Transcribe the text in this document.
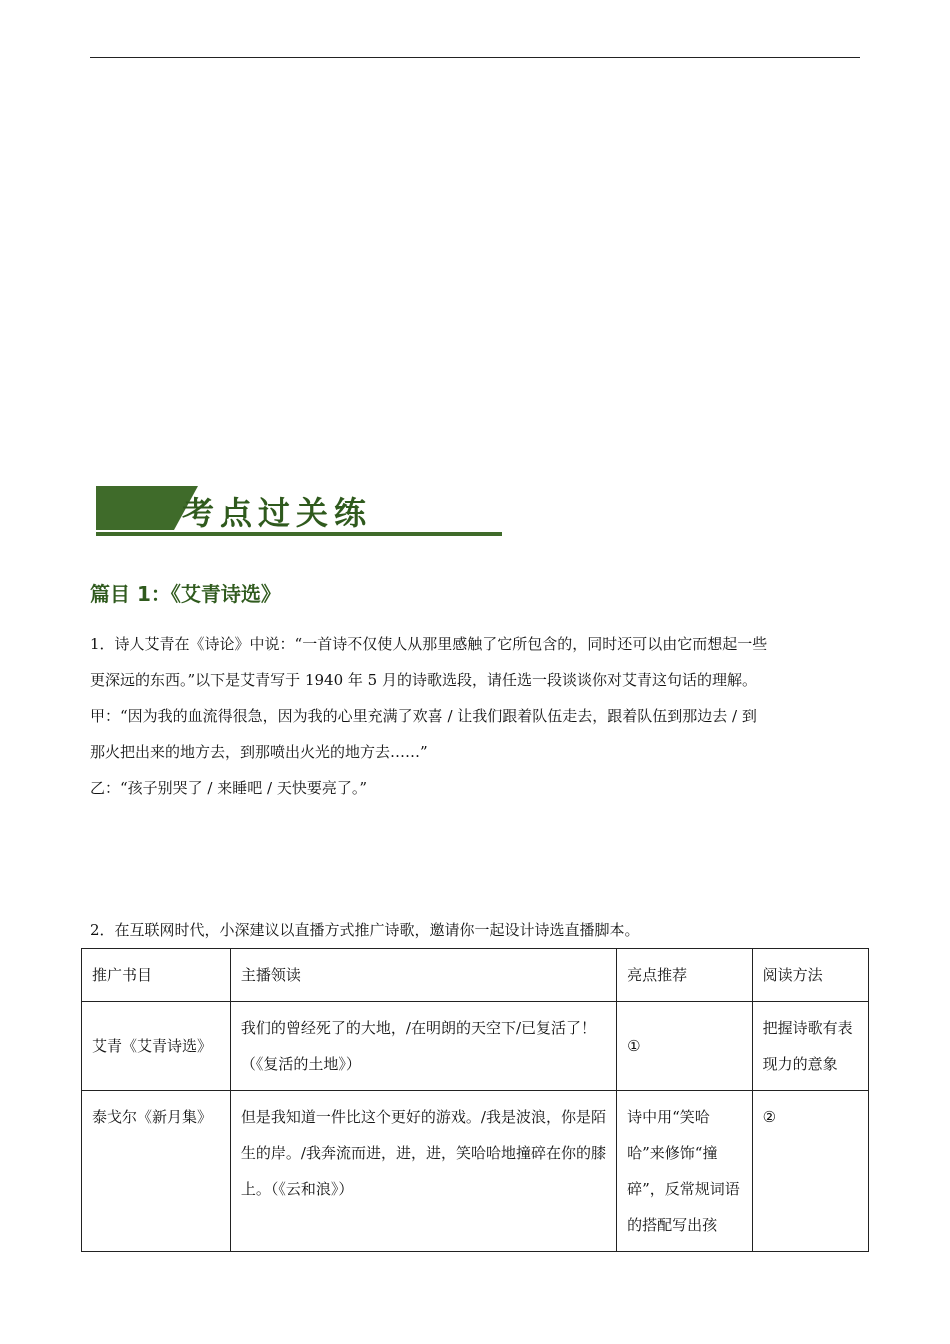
考点过关练
篇目 1：《艾青诗选》
1．诗人艾青在《诗论》中说：“一首诗不仅使人从那里感触了它所包含的，同时还可以由它而想起一些
更深远的东西。”以下是艾青写于 1940 年 5 月的诗歌选段，请任选一段谈谈你对艾青这句话的理解。
甲：“因为我的血流得很急，因为我的心里充满了欢喜 / 让我们跟着队伍走去，跟着队伍到那边去 / 到
那火把出来的地方去，到那喷出火光的地方去……”
乙：“孩子别哭了 / 来睡吧 / 天快要亮了。”
2．在互联网时代，小深建议以直播方式推广诗歌，邀请你一起设计诗选直播脚本。
推广书目	主播领读	亮点推荐	阅读方法
艾青《艾青诗选》	我们的曾经死了的大地，/在明朗的天空下/已复活了！（《复活的土地》）	①	把握诗歌有表现力的意象
泰戈尔《新月集》	但是我知道一件比这个更好的游戏。/我是波浪，你是陌生的岸。/我奔流而进，进，进，笑哈哈地撞碎在你的膝上。（《云和浪》）	诗中用“笑哈哈”来修饰“撞碎”，反常规词语的搭配写出孩	②
